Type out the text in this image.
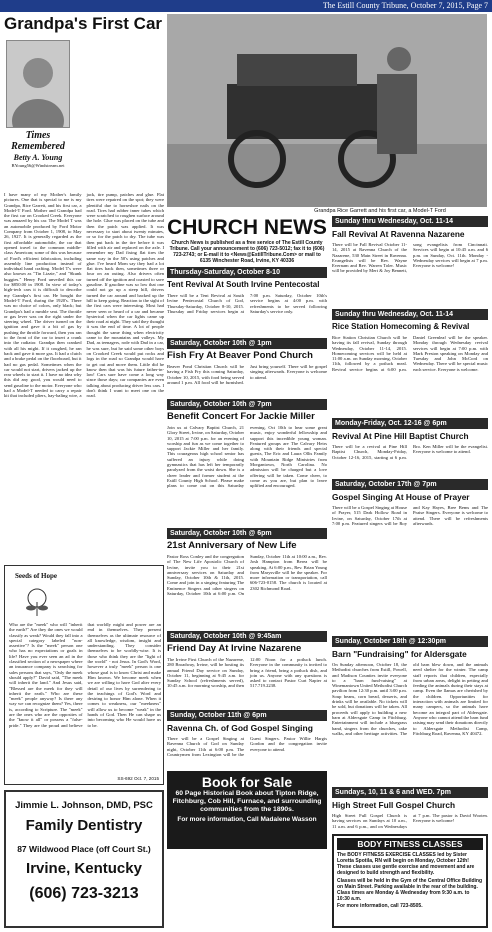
The Estill County Tribune, October 7, 2015, Page 7
Grandpa's First Car
Times Remembered
Betty A. Young
BYoung56@Windstream.net
I have many of my Mother's family pictures. One that is special to me is my Grandpa, Rice Garrett, and his first car, a Model-T Ford. Mother and Grandpa had the first car on Crooked Creek. Everyone was amazed by his car. The Model T was an automobile produced by Ford Motor Company from October 1, 1908, to May 26, 1927. It is generally regarded as the first affordable automobile, the car that opened travel to the common middle-class American; some of this was because of Ford's efficient fabrication, including assembly line production instead of individual hand crafting. Model T's were also known as "Tin Lizzie," and "Skunk buggies." Henry Ford unveiled this car for $850.00 in 1908. In view of today's high-tech cars it is difficult to describe my Grandpa's first car. He bought the Model-T Ford, during the 1920's. There was no choice of colors, only black; but Grandpa's had a rumble seat. The throttle or gas lever was on the right under the steering wheel. The driver turned on the ignition and gave it a bit of gas by pushing the throttle forward, then you ran to the front of the car to insert a crank into the radiator. Grandpa then cranked with all his might. If it coughed, he ran back and gave it more gas. It had a clutch and a brake pedal on the floorboard, but it had no gas pedal. Sometimes when the car would not start, drivers jacked up the rear wheels to start it. I have no idea why this did any good, you would need to send gasoline to the motor. Everyone who had a Model-T needed to carry a repair kit that included pliers, hay-baling wire, a jack, tire pump, patches and glue. Flat tires were repaired on the spot; they were plentiful due to horseshoe nails on the road. Tires had rubber inner tubes which were scratched to roughen surface around the hole. Glue was placed on the tube and then the patch was applied. It was necessary to start about twenty minutes, or so for the patch to dry. The tube was then put back in the tire before it was filled with air and replaced on the axle. I remember my Dad fixing flat tires the same way in the 50's using patches and glue. I've heard Mom say they had a lot flat tires back then, sometimes three or four on an outing. Also drivers often turned off the ignition and coasted to save gasoline. If gasoline was so low that one could not go up a steep hill, drivers turned the car around and backed up the hill to keep going. Reaction to the sight of the first cars were interesting. Most had never seen or heard of a car and became hysterical when the car lights came up their road at night. They said they thought it was the end of time. A lot of people thought the same thing when electricity came to the mountains and valleys. My Dad, as teenagers, rode with Dad in a car, he was sure, but he said some other boys on Crooked Creek would put rocks and logs in the road so Grandpa would have to get out and move them. Little did he know then that was his future father-in-law! Cars sure have come a long way since those days; car companies are even talking about producing driver less cars. I don't think I want to meet one on the road.
Grandpa Rice Garrett and his first car, a Model-T Ford
Seeds of Hope
Who are the "meek" who will "inherit the earth?" Are they the ones we would classify as weak? Would they fall into a special category labeled "non-assertive"? Is the "meek" person one who has no expectations or goals in life? Have you ever seen an ad in the classified section of a newspaper where an insurance company is searching for sales persons that says, "Only the meek should apply?" David said, "The meek will inherit the land." And Jesus said, "Blessed are the meek for they will inherit the earth." Who are these "meek" people anyway? Is there any way we can recognize them? Yes, there is, according to Scripture. The "meek" are the ones who are the opposites of the "know it all" or possess a "false-pride." They are the proud and believe that worldly might and power are an end in themselves. They present themselves as the ultimate resource of all knowledge, wisdom, insight and understanding. They consider themselves to be worldly-wise. It is those who think they are the "light of the world" - not Jesus. In God's Word, however a truly "meek" person is one whose goal is to know Christ and make Him known. We become meek when we are willing to have God alter every detail of our lives by surrendering to the teachings of God's Word and desiring to honor Him alone. When it comes to weakness, our "meekness" will allow us to become "weak" in the hands of God. Then He can shape us into becoming who He would have us to be.
SS-692 Oct. 7, 2015
Jimmie L. Johnson, DMD, PSC
Family Dentistry
87 Wildwood Place (off Court St.)
Irvine, Kentucky
(606) 723-3213
CHURCH NEWS
Church News is published as a free service of The Estill County Tribune. Call your announcement to (606) 723-5012; fax it to (606) 723-2743; or E-mail it to <News@EstillTribune.Com> or mail to 6135 Winchester Road, Irvine, KY 40336
Thursday-Saturday, October 8-10
Tent Revival At South Irvine Pentecostal
There will be a Tent Revival at South Irvine Pentecostal Church of God, Thursday-Saturday, October 8-10, 2015. Thursday and Friday services begin at 7:00 p.m. Saturday, October 10th's service begins at 4:00 p.m. with refreshments to be served following Saturday's service only.
Saturday, October 10th @ 1pm
Fish Fry At Beaver Pond Church
Beaver Pond Christian Church will be having a Fish Fry this coming Saturday, October 10, 2015, with food being served around 1 p.m. All food will be furnished. Just bring yourself. There will be gospel singing afterwards. Everyone is welcome to attend.
Saturday, October 10th @ 7pm
Benefit Concert For Jackie Miller
Join us at Calvary Baptist Church, 21 Glory Street, Irvine, on Saturday, October 10, 2015 at 7:00 p.m. for an evening of worship and fun as we come together to support Jackie Miller and her family. This courageous high school senior has suffered an injury while doing gymnastics that has left her temporarily paralyzed from the waist down. She is a cheer leader and former student at the Estill County High School. Please make plans to come out on this Saturday evening, Oct 10th to hear some great music, enjoy wonderful fellowship and support this incredible young woman. Featured groups are The Calvary Heirs along with their friends and special guests, The Eric and Laura Ollis Family with Mountain Ridge Ministries from Morgantown, North Carolina. No admission will be charged but a love offering will be taken. Come cheer, to come as you are, but plan to leave uplifted and encouraged.
Saturday, October 10th @ 6pm
21st Anniversary of New Life
Pastor Ross Conley and the congregation of The New Life Apostolic Church of Irvine, invite you to their 21st anniversary services on Saturday and Sunday, October 10th & 11th, 2015. Come and join in a singing featuring The Eminence Singers and other singers on Saturday, October 10th at 6:00 p.m. On Sunday, October 11th at 10:00 a.m., Rev. Josh Hampton from Berea will be speaking. At 6:00 p.m., Rev. Brian Young from Marysville will be the speaker. For more information or transportation, call 606-723-0158. The church is located at 2302 Richmond Road.
Saturday, October 10th @ 9:45am
Friend Day At Irvine Nazarene
The Irvine First Church of the Nazarene, 280 Broadway, Irvine, will be hosting its annual Friend Day service on Sunday, October 11, beginning at 9:45 a.m. for Sunday School (refreshments served), 10:45 a.m. for morning worship, and then 12:00 Noon for a potluck lunch. Everyone in the community is invited to bring a friend, bring a potluck dish, and join us. Anyone with any questions is asked to contact Pastor Curt Napier at 517.719.2238.
Sunday, October 11th @ 6pm
Ravenna Ch. of God Gospel Singing
There will be a Gospel Singing at Ravenna Church of God on Sunday night, October 11th at 6:00 p.m. The Countrymen from Lexington will be the Guest Singers. Pastor Willie Hargis Gordon and the congregation invite everyone to attend.
Book for Sale
60 Page Historical Book about Tipton Ridge, Fitchburg, Cob Hill, Furnace, and surrounding communities from the 1890s.
For more information, Call Madalene Wasson
Sunday thru Wednesday, Oct. 11-14
Fall Revival At Ravenna Nazarene
There will be Fall Revival October 11-14, 2015 at Ravenna Church of the Nazarene, 530 Main Street in Ravenna. Evangelists will be Rev. Wayne Evernam and Rev. Warren Toler. Music will be provided by Mert & Joy Bennett, song evangelists from Cincinnati. Services will begin at 10:45 a.m. and 6 p.m. on Sunday, Oct. 11th. Monday - Wednesday services will begin at 7 p.m. Everyone is welcome!
Sunday thru Wednesday, Oct. 11-14
Rice Station Homecoming & Revival
Rice Station Christian Church will be having its fall revival, Sunday through Wednesday, October 11-14, 2015. Homecoming services will be held at 11:00 a.m. on Sunday morning, October 11th, followed by a potluck meal. Revival service begins at 6:00 p.m. Daniel Greenleaf will be the speaker. Monday through Wednesday revival services will begin at 7:00 p.m. with Mark Preston speaking on Monday and Tuesday and John McCord on Wednesday. There will be special music each service. Everyone is welcome.
Monday-Friday, Oct. 12-16 @ 6pm
Revival At Pine Hill Baptist Church
There will be a revival at Pine Hill Baptist Church, Monday-Friday, October 12-16, 2015, starting at 6 p.m. Bro. Ken Miller will be the evangelist. Everyone is welcome to attend.
Saturday, October 17th @ 7pm
Gospel Singing At House of Prayer
There will be a Gospel Singing at House of Prayer, 515 Dark Hollow Road in Irvine, on Saturday, October 17th at 7:00 p.m. Featured singers will be Roy and Kay Hayes, Bree Bems and The Praise Singers. Everyone is welcome to attend. There will be refreshments afterwards.
Sunday, October 18th @ 12:30pm
Barn "Fundraising" for Aldersgate
On Sunday afternoon, October 18, the Methodist churches from Estill, Powell, and Madison Counties invite everyone to a "barn fund-raising" at Winemantown United Methodist Church pavilion from 12:30 p.m. until 3:00 p.m. Soup beans, corn bread, desserts, and drinks will be available. No tickets will be sold, but donations will be taken. All proceeds will apply to building a new barn at Aldersgate Camp in Fitchburg. Entertainment will include a bluegrass band, singers from the churches, cake walks, and other heritage activities. The old barn blew down, and the animals need shelter for the winter. The camp staff reports that children, especially from urban areas, delight in petting and feeding the animals during their stays at camp. Even the llamas are cherished by the children. Opportunities for interaction with animals are limited for many campers, so the animals have become an integral part of Aldersgate. Anyone who cannot attend the barn fund raising may send their donations directly to Aldersgate Methodist Camp, Fitchburg Road, Ravenna, KY 40472.
Sundays, 10, 11 & 6 and WED. 7pm
High Street Full Gospel Church
High Street Full Gospel Church is having services on Sundays at 10 a.m., 11 a.m. and 6 p.m., and on Wednesdays at 7 p.m. The pastor is David Wooten. Everyone is welcome!
BODY FITNESS CLASSES
The BODY FITNESS EXERCISE CLASSES led by Sister Loretta Spotila, RN will begin on Monday, October 12th! These classes use gentle exercise and movement and are designed to build strength and flexibility.
Classes will be held in the Gym of the Central Office Building on Main Street. Parking available in the rear of the building. Class times are Monday & Wednesday from 9:30 a.m. to 10:30 a.m.
For more information, call 723-8505.
